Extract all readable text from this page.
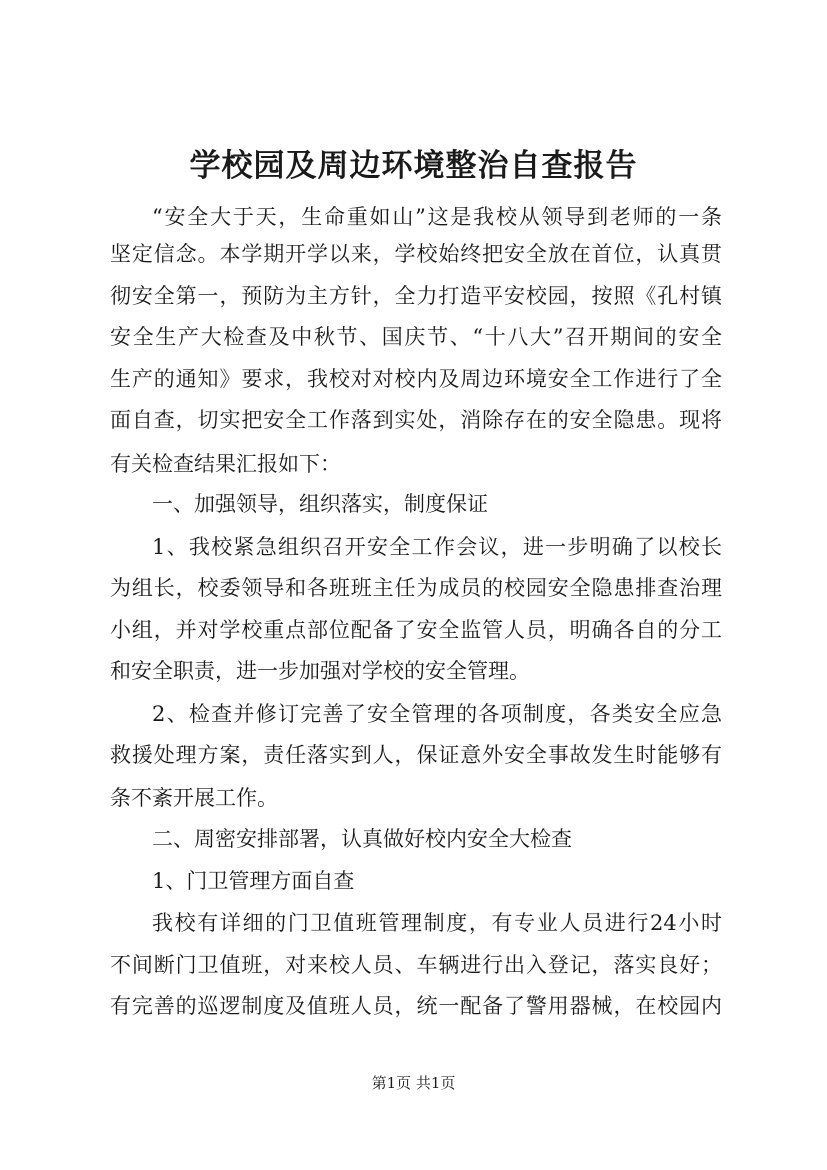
学校园及周边环境整治自查报告
“安全大于天，生命重如山”这是我校从领导到老师的一条
坚定信念。本学期开学以来，学校始终把安全放在首位，认真贯
彻安全第一，预防为主方针，全力打造平安校园，按照《孔村镇
安全生产大检查及中秋节、国庆节、“十八大”召开期间的安全
生产的通知》要求，我校对对校内及周边环境安全工作进行了全
面自查，切实把安全工作落到实处，消除存在的安全隐患。现将
有关检查结果汇报如下：
一、加强领导，组织落实，制度保证
1、我校紧急组织召开安全工作会议，进一步明确了以校长
为组长，校委领导和各班班主任为成员的校园安全隐患排查治理
小组，并对学校重点部位配备了安全监管人员，明确各自的分工
和安全职责，进一步加强对学校的安全管理。
2、检查并修订完善了安全管理的各项制度，各类安全应急
救援处理方案，责任落实到人，保证意外安全事故发生时能够有
条不紊开展工作。
二、周密安排部署，认真做好校内安全大检查
1、门卫管理方面自查
我校有详细的门卫值班管理制度，有专业人员进行24小时
不间断门卫值班，对来校人员、车辆进行出入登记，落实良好；
有完善的巡逻制度及值班人员，统一配备了警用器械，在校园内
第1页 共1页
